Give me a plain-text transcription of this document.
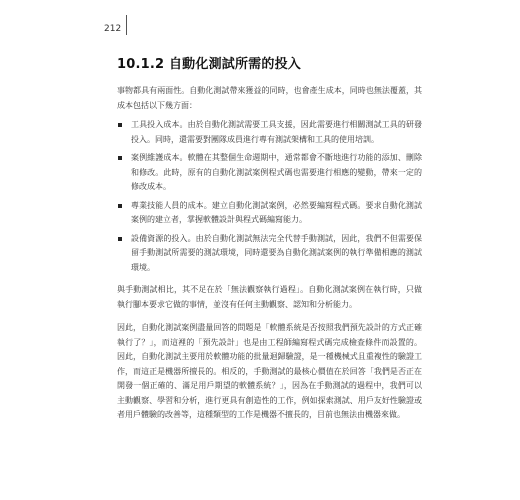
212
10.1.2 自動化測試所需的投入

事物都具有兩面性。自動化測試帶來獲益的同時，也會產生成本，同時也無法覆蓋，其成本包括以下幾方面：

工具投入成本。由於自動化測試需要工具支援，因此需要進行相關測試工具的研發投入。同時，還需要對團隊成員進行專有測試架構和工具的使用培訓。
案例維護成本。軟體在其整個生命週期中，通常都會不斷地進行功能的添加、刪除和修改。此時，原有的自動化測試案例程式碼也需要進行相應的變動，帶來一定的修改成本。
專業技能人員的成本。建立自動化測試案例，必然要編寫程式碼。要求自動化測試案例的建立者，掌握軟體設計與程式碼編寫能力。
設備資源的投入。由於自動化測試無法完全代替手動測試，因此，我們不但需要保留手動測試所需要的測試環境，同時還要為自動化測試案例的執行準備相應的測試環境。

與手動測試相比，其不足在於「無法觀察執行過程」。自動化測試案例在執行時，只做執行腳本要求它做的事情，並沒有任何主動觀察、認知和分析能力。

因此，自動化測試案例盡量回答的問題是「軟體系統是否按照我們預先設計的方式正確執行了？」，而這裡的「預先設計」也是由工程師編寫程式碼完成檢查條件而設置的。因此，自動化測試主要用於軟體功能的批量迴歸驗證，是一種機械式且重複性的驗證工作，而這正是機器所擅長的。相反的，手動測試的最核心價值在於回答「我們是否正在開發一個正確的、滿足用戶期望的軟體系統？」，因為在手動測試的過程中，我們可以主動觀察、學習和分析，進行更具有創造性的工作，例如探索測試、用戶友好性驗證或者用戶體驗的改善等，這種類型的工作是機器不擅長的，目前也無法由機器來做。
